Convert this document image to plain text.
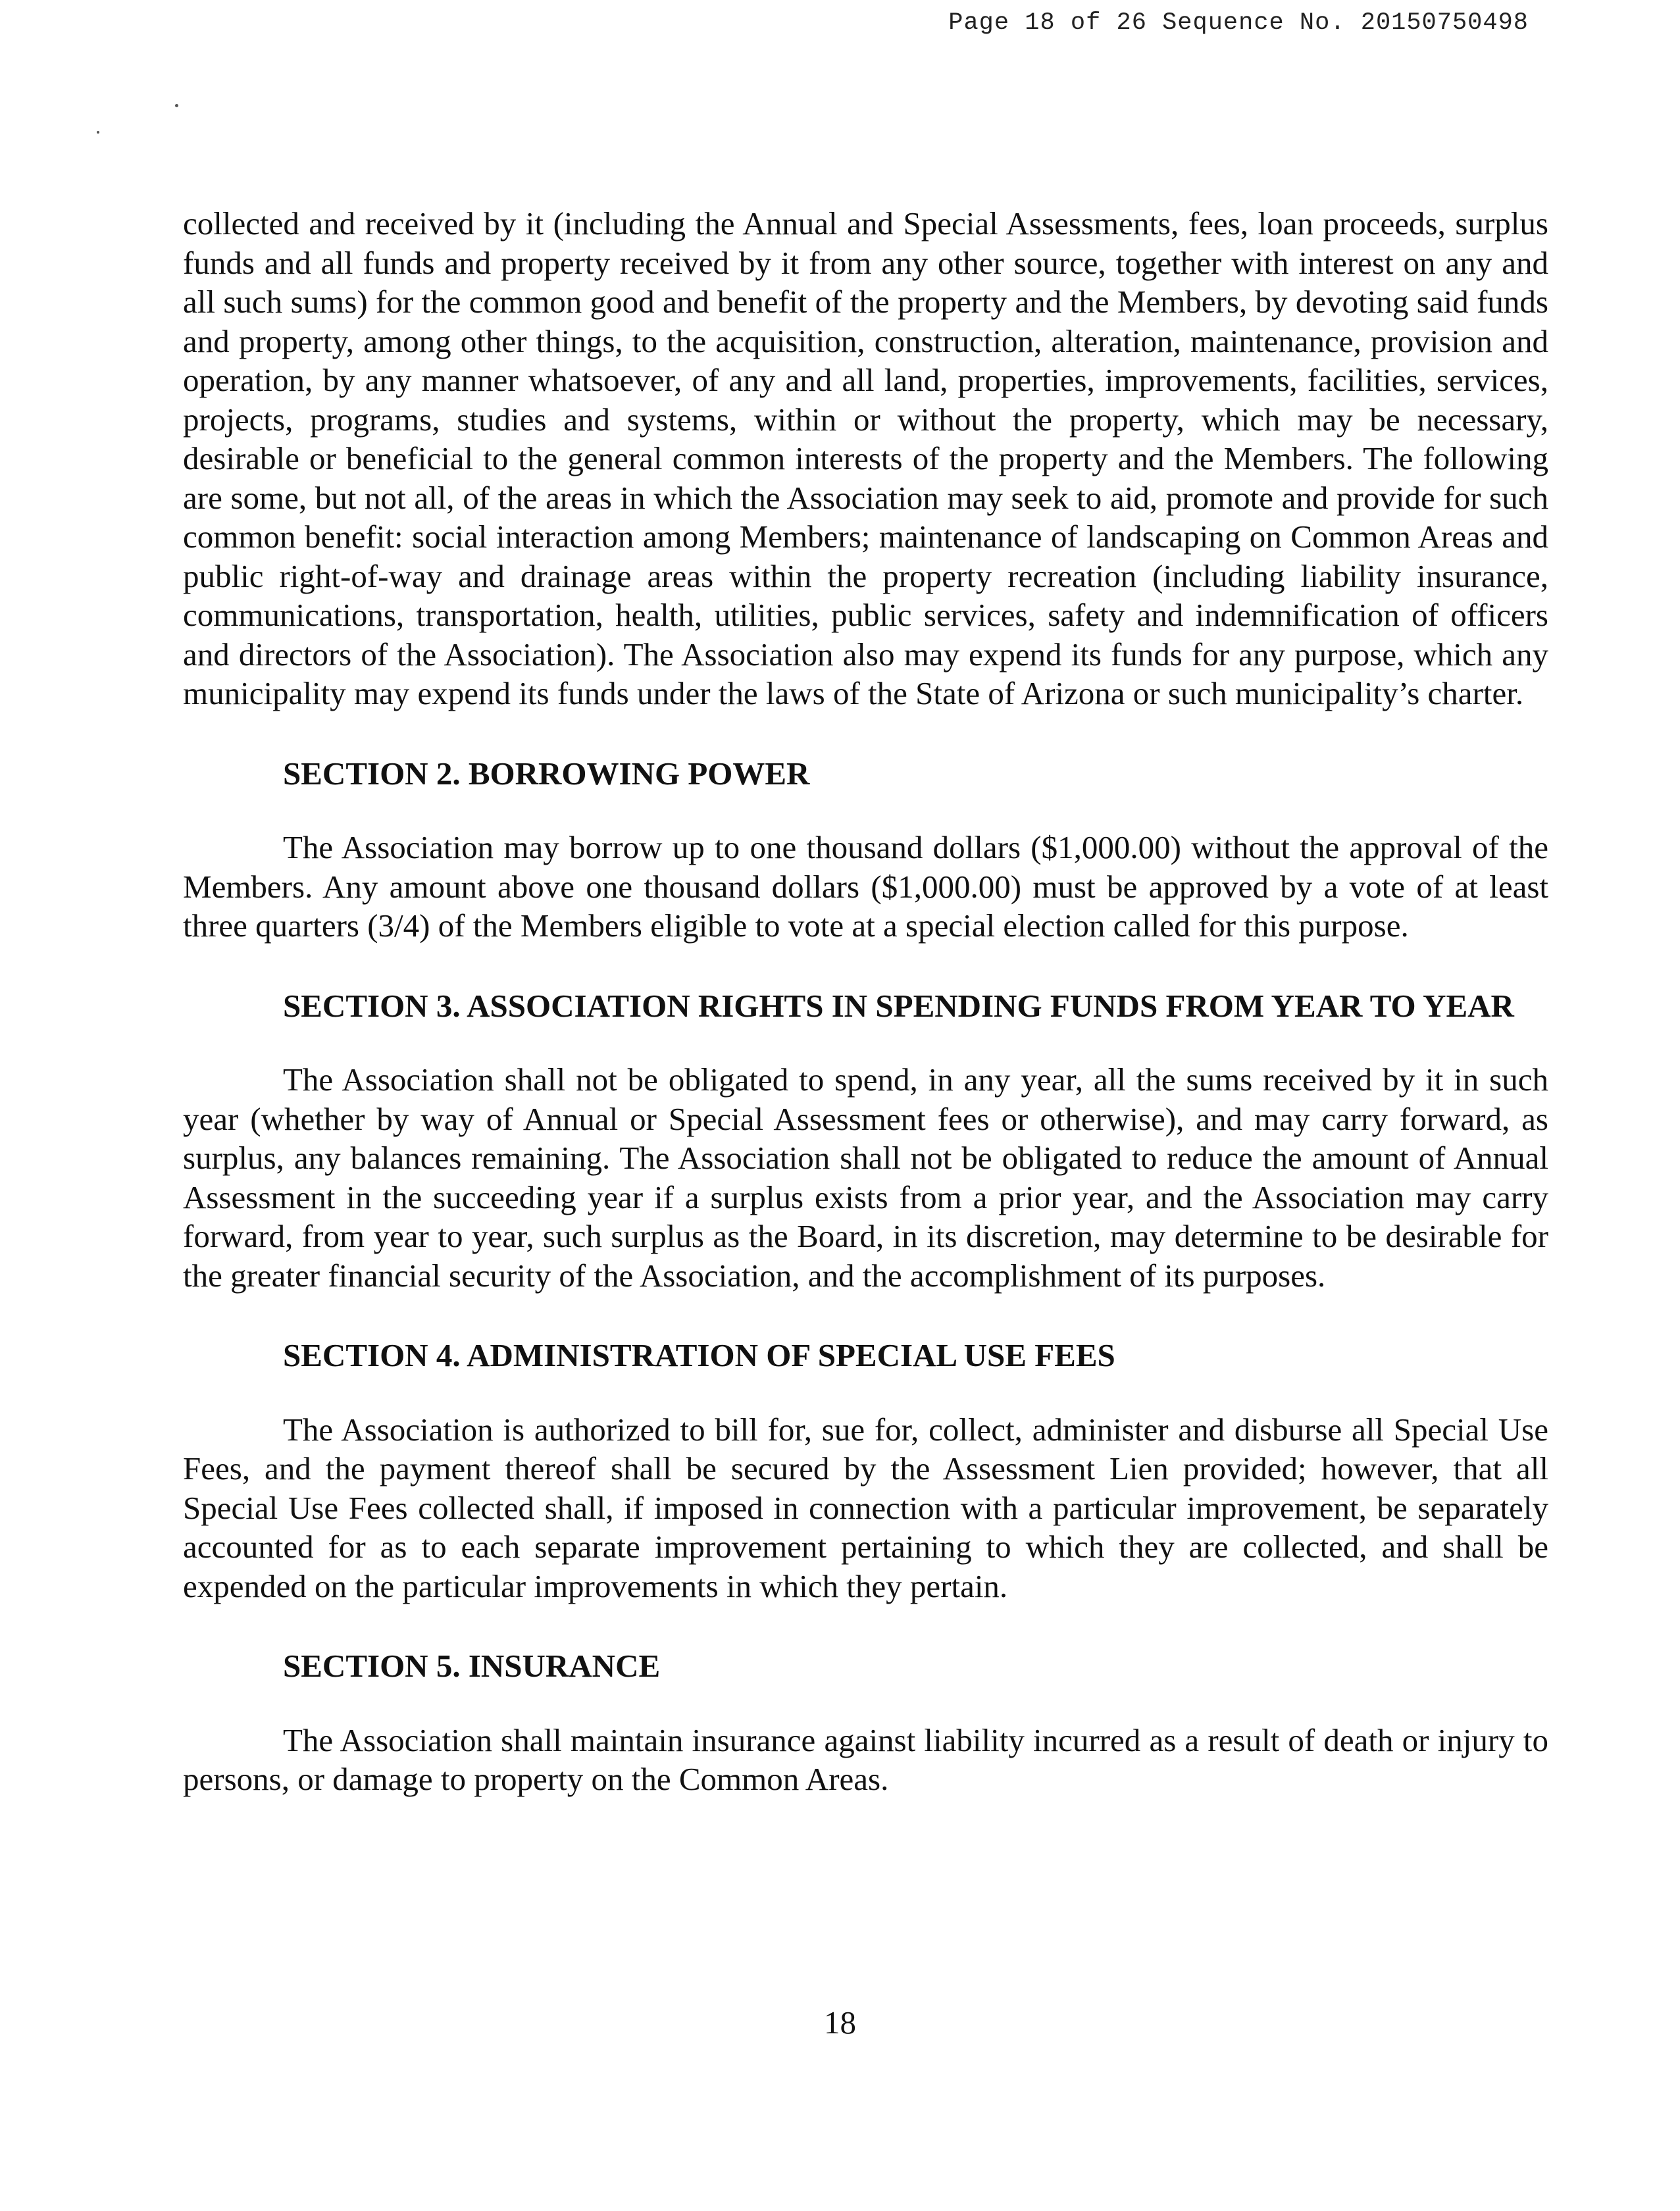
Page 18 of 26 Sequence No. 20150750498

collected and received by it (including the Annual and Special Assessments, fees, loan proceeds, surplus funds and all funds and property received by it from any other source, together with interest on any and all such sums) for the common good and benefit of the property and the Members, by devoting said funds and property, among other things, to the acquisition, construction, alteration, maintenance, provision and operation, by any manner whatsoever, of any and all land, properties, improvements, facilities, services, projects, programs, studies and systems, within or without the property, which may be necessary, desirable or beneficial to the general common interests of the property and the Members. The following are some, but not all, of the areas in which the Association may seek to aid, promote and provide for such common benefit: social interaction among Members; maintenance of landscaping on Common Areas and public right-of-way and drainage areas within the property recreation (including liability insurance, communications, transportation, health, utilities, public services, safety and indemnification of officers and directors of the Association). The Association also may expend its funds for any purpose, which any municipality may expend its funds under the laws of the State of Arizona or such municipality’s charter.

SECTION 2. BORROWING POWER

The Association may borrow up to one thousand dollars ($1,000.00) without the approval of the Members. Any amount above one thousand dollars ($1,000.00) must be approved by a vote of at least three quarters (3/4) of the Members eligible to vote at a special election called for this purpose.

SECTION 3. ASSOCIATION RIGHTS IN SPENDING FUNDS FROM YEAR TO YEAR

The Association shall not be obligated to spend, in any year, all the sums received by it in such year (whether by way of Annual or Special Assessment fees or otherwise), and may carry forward, as surplus, any balances remaining. The Association shall not be obligated to reduce the amount of Annual Assessment in the succeeding year if a surplus exists from a prior year, and the Association may carry forward, from year to year, such surplus as the Board, in its discretion, may determine to be desirable for the greater financial security of the Association, and the accomplishment of its purposes.

SECTION 4. ADMINISTRATION OF SPECIAL USE FEES

The Association is authorized to bill for, sue for, collect, administer and disburse all Special Use Fees, and the payment thereof shall be secured by the Assessment Lien provided; however, that all Special Use Fees collected shall, if imposed in connection with a particular improvement, be separately accounted for as to each separate improvement pertaining to which they are collected, and shall be expended on the particular improvements in which they pertain.

SECTION 5. INSURANCE

The Association shall maintain insurance against liability incurred as a result of death or injury to persons, or damage to property on the Common Areas.

18
